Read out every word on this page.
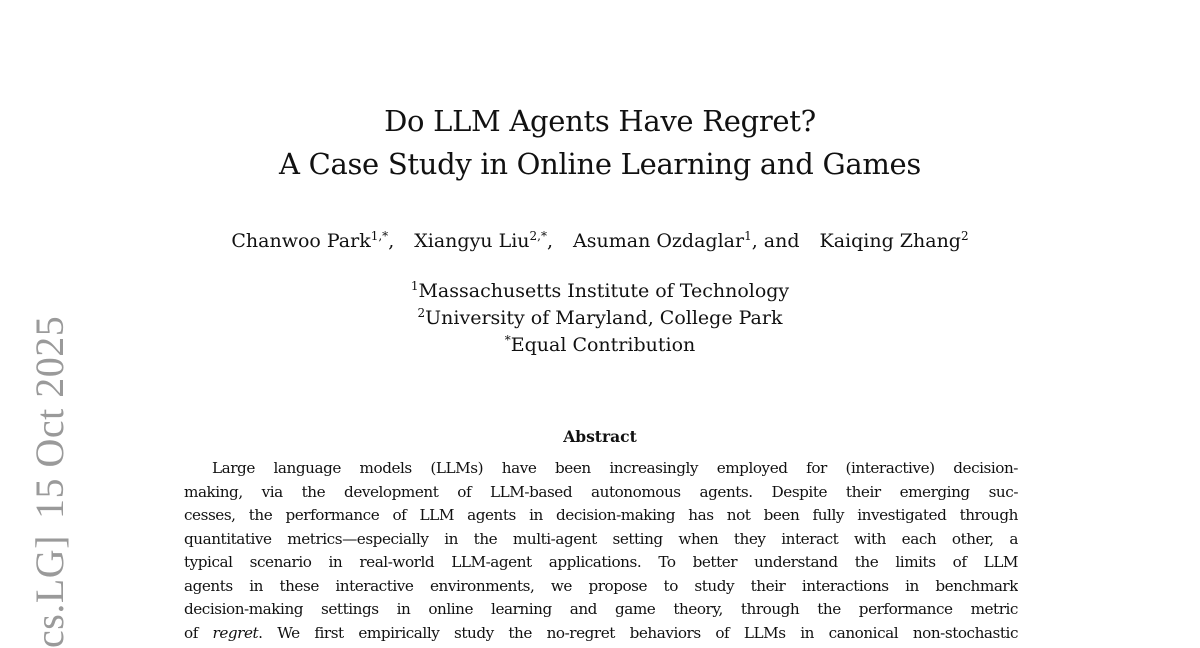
cs.LG]15 Oct 2025
Do LLM Agents Have Regret?
A Case Study in Online Learning and Games
Chanwoo Park$^{1,*}$, Xiangyu Liu$^{2,*}$, Asuman Ozdaglar$^1$, and Kaiqing Zhang$^2$
$^1$Massachusetts Institute of Technology
$^2$University of Maryland, College Park
*Equal Contribution
Abstract
Large language models (LLMs) have been increasingly employed for (interactive) decision-
making, via the development of LLM-based autonomous agents. Despite their emerging suc-
cesses, the performance of LLM agents in decision-making has not been fully investigated through
quantitative metrics—especially in the multi-agent setting when they interact with each other, a
typical scenario in real-world LLM-agent applications. To better understand the limits of LLM
agents in these interactive environments, we propose to study their interactions in benchmark
decision-making settings in online learning and game theory, through the performance metric
of regret. We first empirically study the no-regret behaviors of LLMs in canonical non-stochastic
